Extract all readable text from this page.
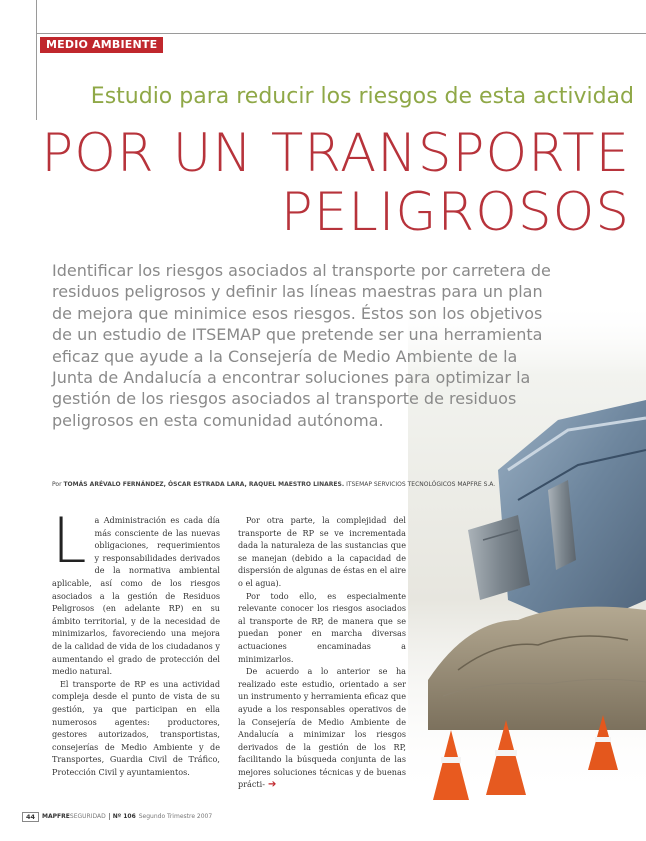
MEDIO AMBIENTE
Estudio para reducir los riesgos de esta actividad
POR UN TRANSPORTE
PELIGROSOS

Identificar los riesgos asociados al transporte por carretera de residuos peligrosos y definir las líneas maestras para un plan de mejora que minimice esos riesgos. Éstos son los objetivos de un estudio de ITSEMAP que pretende ser una herramienta eficaz que ayude a la Consejería de Medio Ambiente de la Junta de Andalucía a encontrar soluciones para optimizar la gestión de los riesgos asociados al transporte de residuos peligrosos en esta comunidad autónoma.

Por TOMÁS ARÉVALO FERNÁNDEZ, ÓSCAR ESTRADA LARA, RAQUEL MAESTRO LINARES. ITSEMAP SERVICIOS TECNOLÓGICOS MAPFRE S.A.
L a Administración es cada día más consciente de las nuevas obligaciones, requerimientos y responsabilidades derivados de la normativa ambiental aplicable, así como de los riesgos asociados a la gestión de Residuos Peligrosos (en adelante RP) en su ámbito territorial, y de la necesidad de minimizarlos, favoreciendo una mejora de la calidad de vida de los ciudadanos y aumentando el grado de protección del medio natural.

El transporte de RP es una actividad compleja desde el punto de vista de su gestión, ya que participan en ella numerosos agentes: productores, gestores autorizados, transportistas, consejerías de Medio Ambiente y de Transportes, Guardia Civil de Tráfico, Protección Civil y ayuntamientos.

Por otra parte, la complejidad del transporte de RP se ve incrementada dada la naturaleza de las sustancias que se manejan (debido a la capacidad de dispersión de algunas de éstas en el aire o el agua).

Por todo ello, es especialmente relevante conocer los riesgos asociados al transporte de RP, de manera que se puedan poner en marcha diversas actuaciones encaminadas a minimizarlos.

De acuerdo a lo anterior se ha realizado este estudio, orientado a ser un instrumento y herramienta eficaz que ayude a los responsables operativos de la Consejería de Medio Ambiente de Andalucía a minimizar los riesgos derivados de la gestión de los RP, facilitando la búsqueda conjunta de las mejores soluciones técnicas y de buenas prácti- ➔

44	MAPFRE SEGURIDAD	Nº 106 Segundo Trimestre 2007
